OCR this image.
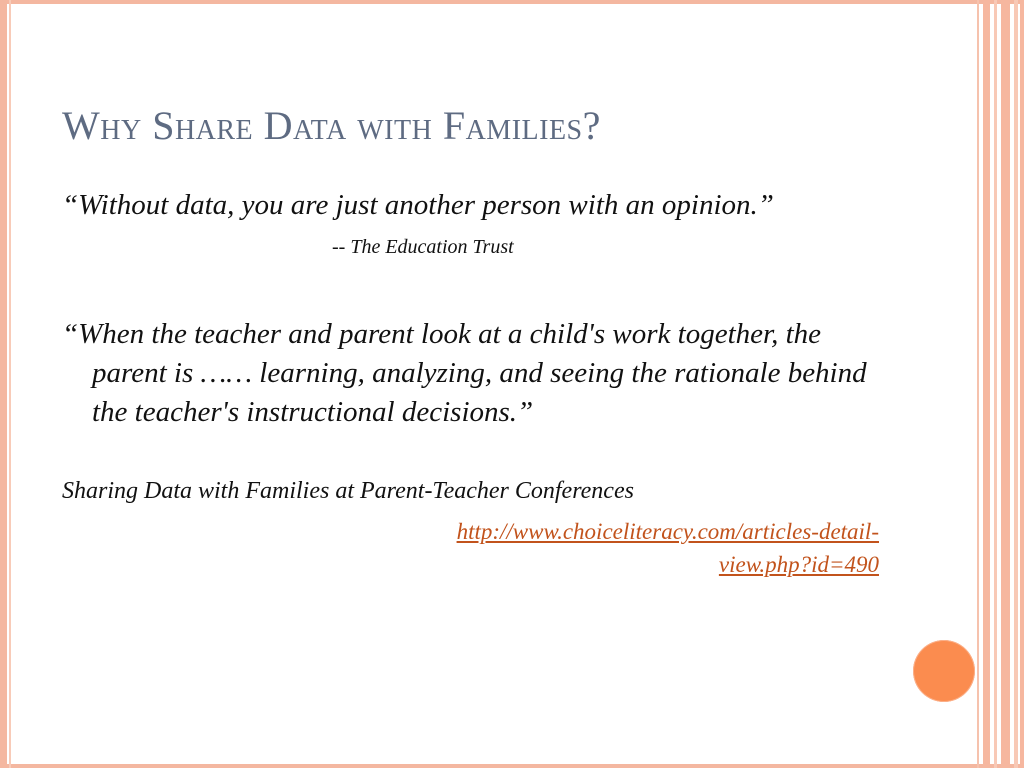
Why Share Data with Families?

“Without data, you are just another person with an opinion.” -- The Education Trust

“When the teacher and parent look at a child's work together, the parent is …… learning, analyzing, and seeing the rationale behind the teacher's instructional decisions.”

Sharing Data with Families at Parent-Teacher Conferences
http://www.choiceliteracy.com/articles-detail-
view.php?id=490
